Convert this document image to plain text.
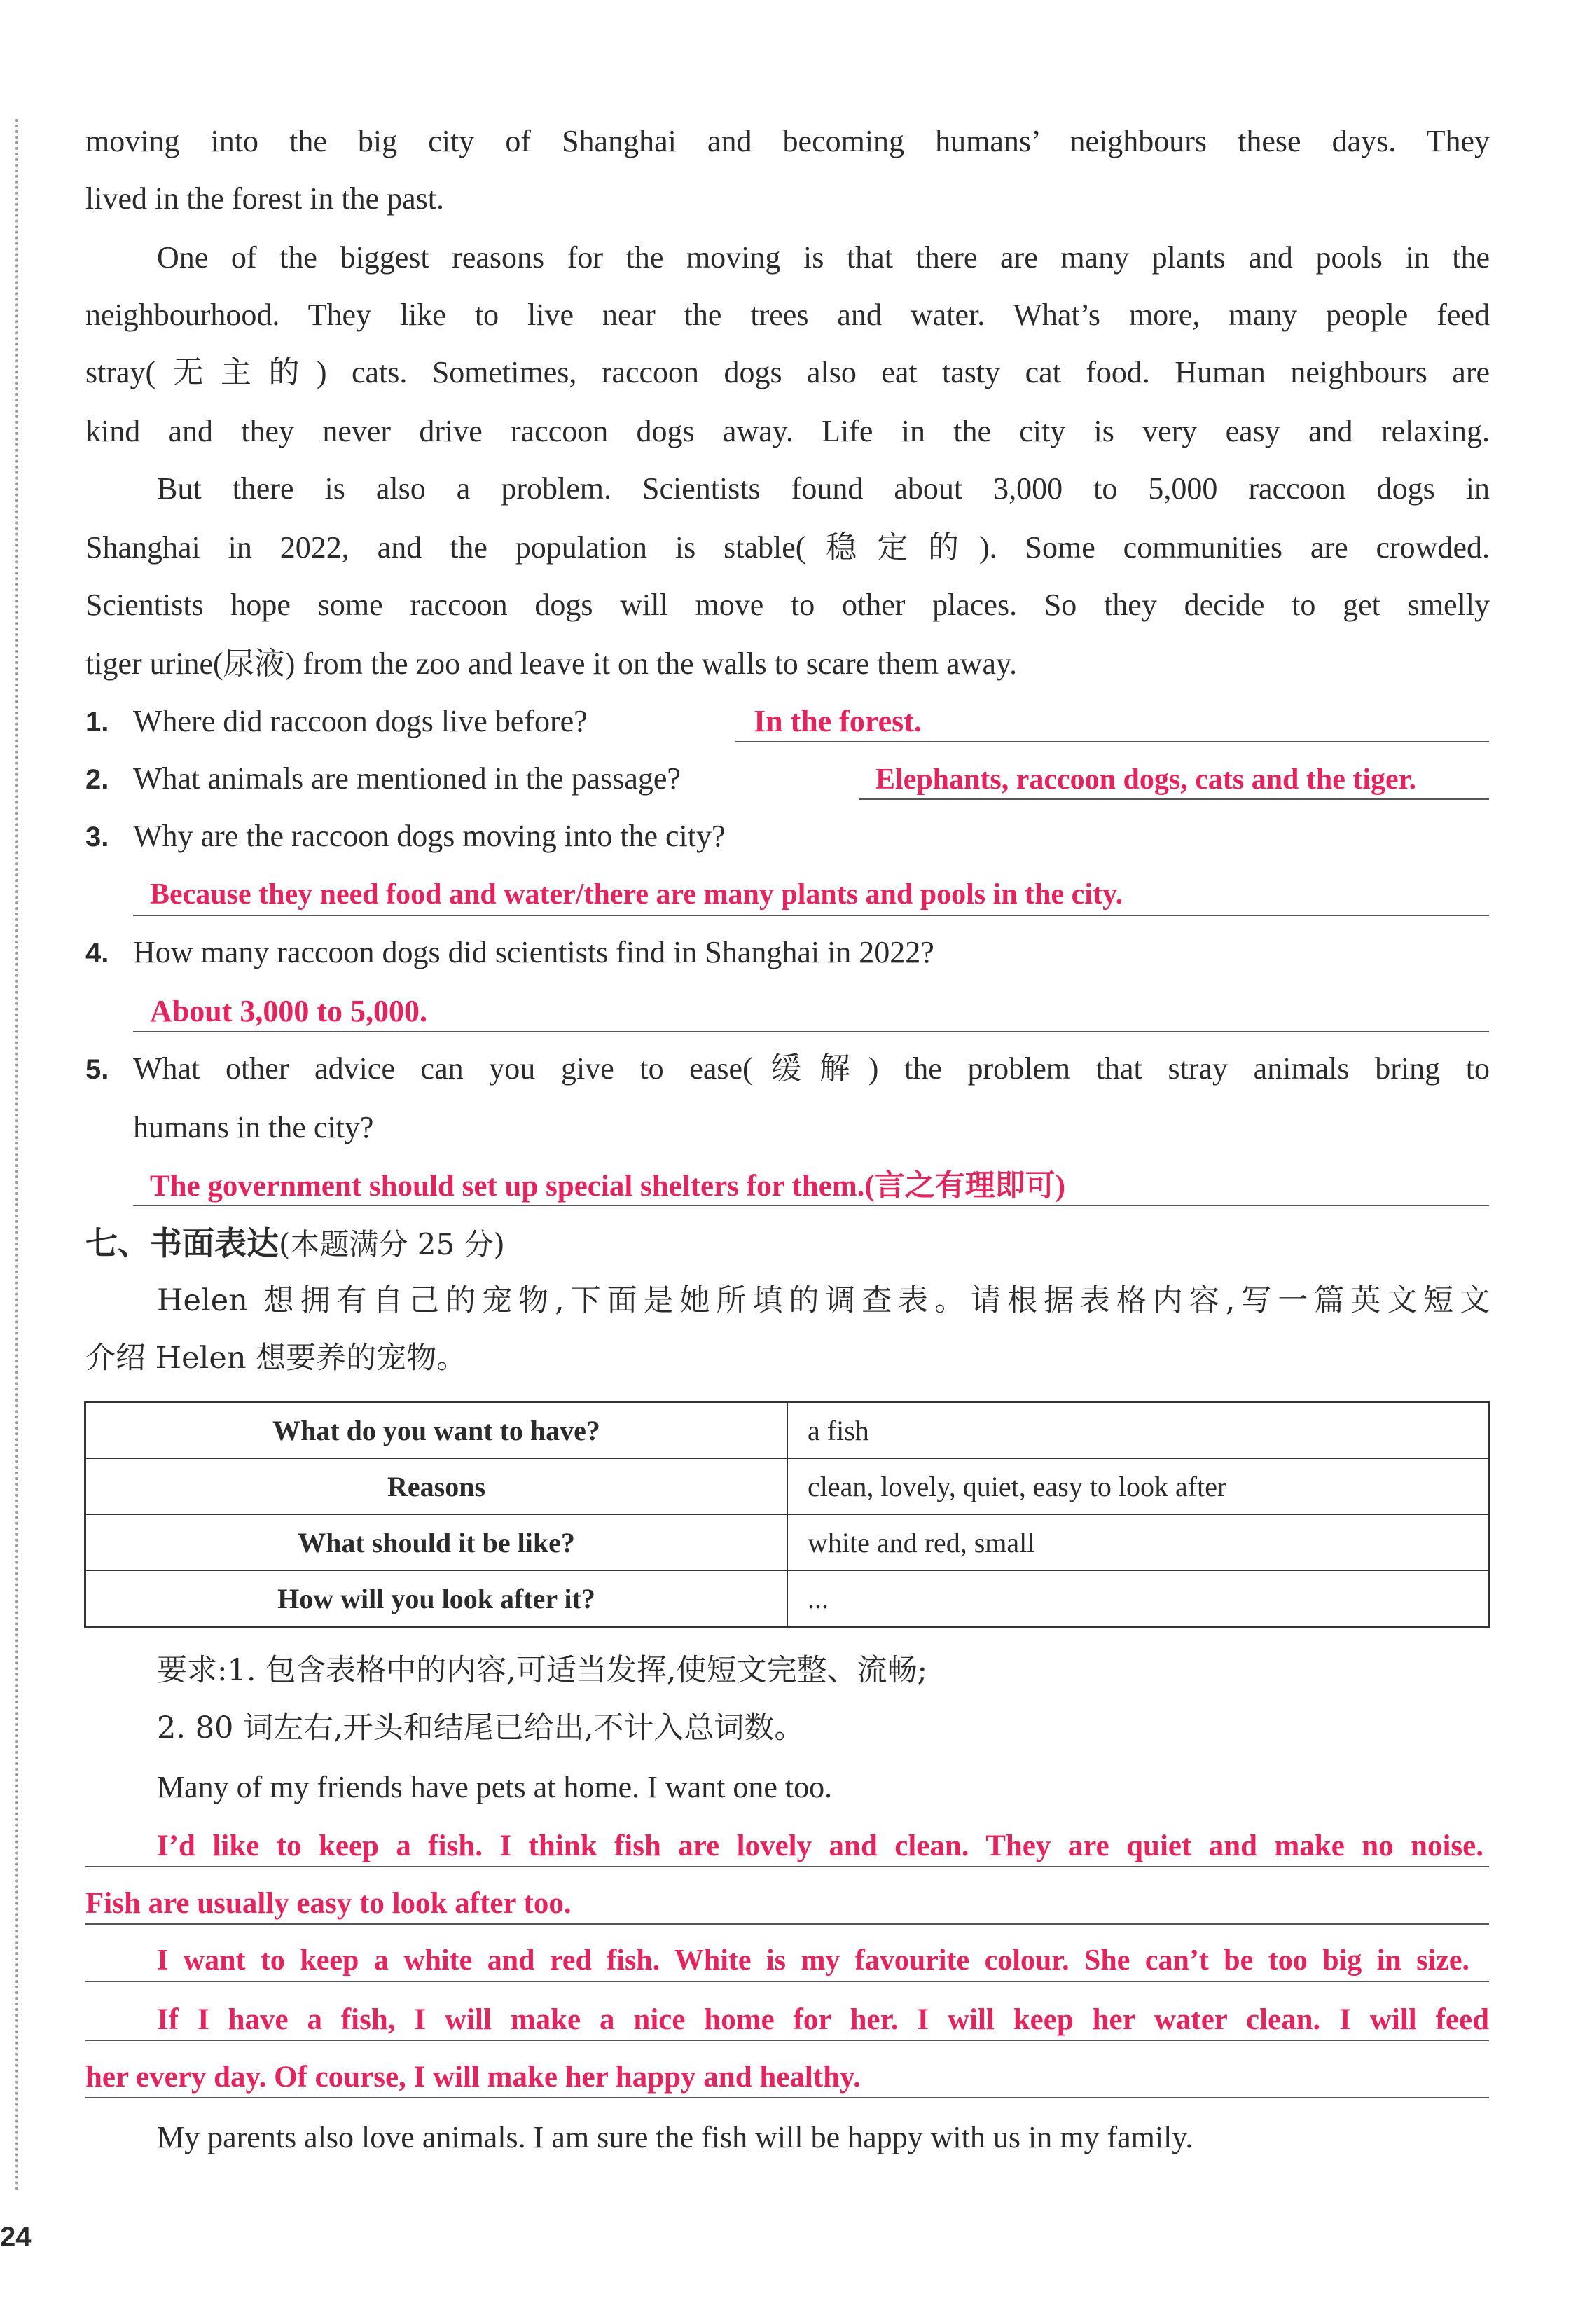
moving into the big city of Shanghai and becoming humans’ neighbours these days. They
lived in the forest in the past.
One of the biggest reasons for the moving is that there are many plants and pools in the
neighbourhood. They like to live near the trees and water. What’s more, many people feed
stray(无主的) cats. Sometimes, raccoon dogs also eat tasty cat food. Human neighbours are
kind and they never drive raccoon dogs away. Life in the city is very easy and relaxing.
But there is also a problem. Scientists found about 3,000 to 5,000 raccoon dogs in
Shanghai in 2022, and the population is stable(稳定的). Some communities are crowded.
Scientists hope some raccoon dogs will move to other places. So they decide to get smelly
tiger urine(尿液) from the zoo and leave it on the walls to scare them away.
1. Where did raccoon dogs live before?	In the forest.
2. What animals are mentioned in the passage?	Elephants, raccoon dogs, cats and the tiger.
3. Why are the raccoon dogs moving into the city?
Because they need food and water/there are many plants and pools in the city.
4. How many raccoon dogs did scientists find in Shanghai in 2022?
About 3,000 to 5,000.
5. What other advice can you give to ease(缓解) the problem that stray animals bring to
humans in the city?
The government should set up special shelters for them.(言之有理即可)
七、书面表达(本题满分 25 分)
Helen 想拥有自己的宠物,下面是她所填的调查表。请根据表格内容,写一篇英文短文
介绍 Helen 想要养的宠物。
What do you want to have?	a fish
Reasons	clean, lovely, quiet, easy to look after
What should it be like?	white and red, small
How will you look after it?	...
要求:1. 包含表格中的内容,可适当发挥,使短文完整、流畅;
2. 80 词左右,开头和结尾已给出,不计入总词数。
Many of my friends have pets at home. I want one too.
I’d like to keep a fish. I think fish are lovely and clean. They are quiet and make no noise.
Fish are usually easy to look after too.
I want to keep a white and red fish. White is my favourite colour. She can’t be too big in size.
If I have a fish, I will make a nice home for her. I will keep her water clean. I will feed
her every day. Of course, I will make her happy and healthy.
My parents also love animals. I am sure the fish will be happy with us in my family.
24
